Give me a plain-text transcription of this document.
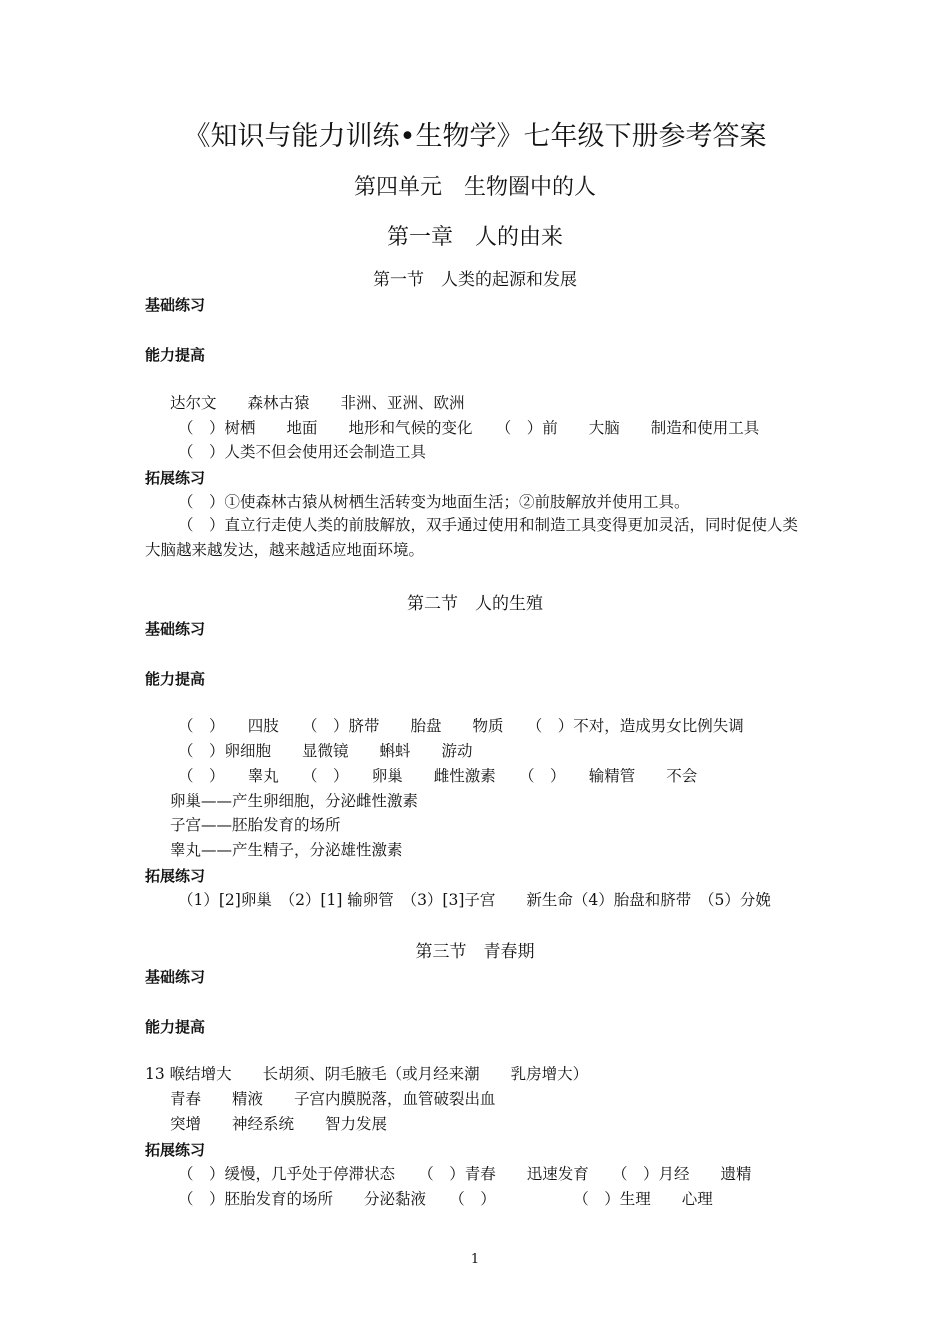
《知识与能力训练•生物学》七年级下册参考答案
第四单元　生物圈中的人
第一章　人的由来
第一节　人类的起源和发展
基础练习
能力提高
达尔文　　森林古猿　　非洲、亚洲、欧洲
（　）树栖　　地面　　地形和气候的变化　　（　）前　　大脑　　制造和使用工具
（　）人类不但会使用还会制造工具
拓展练习
（　）①使森林古猿从树栖生活转变为地面生活；②前肢解放并使用工具。
（　）直立行走使人类的前肢解放，双手通过使用和制造工具变得更加灵活，同时促使人类大脑越来越发达，越来越适应地面环境。
第二节　人的生殖
基础练习
能力提高
（　）　　四肢　　（　）脐带　　胎盘　　物质　　（　）不对，造成男女比例失调
（　）卵细胞　　显微镜　　蝌蚪　　游动
（　）　　睾丸　　（　）　　卵巢　　雌性激素　　（　）　　输精管　　不会
卵巢——产生卵细胞，分泌雌性激素
子宫——胚胎发育的场所
睾丸——产生精子，分泌雄性激素
拓展练习
（1）[2]卵巢　（2）[1] 输卵管　（3）[3]子宫　　新生命（4）胎盘和脐带　（5）分娩
第三节　青春期
基础练习
能力提高
13 喉结增大　　长胡须、阴毛腋毛（或月经来潮　　乳房增大）
青春　　精液　　子宫内膜脱落，血管破裂出血
突增　　神经系统　　智力发展
拓展练习
（　）缓慢，几乎处于停滞状态　　（　）青春　　迅速发育　　（　）月经　　遗精
（　）胚胎发育的场所　　分泌黏液　　（　）　　　　　　（　）生理　　心理
1
